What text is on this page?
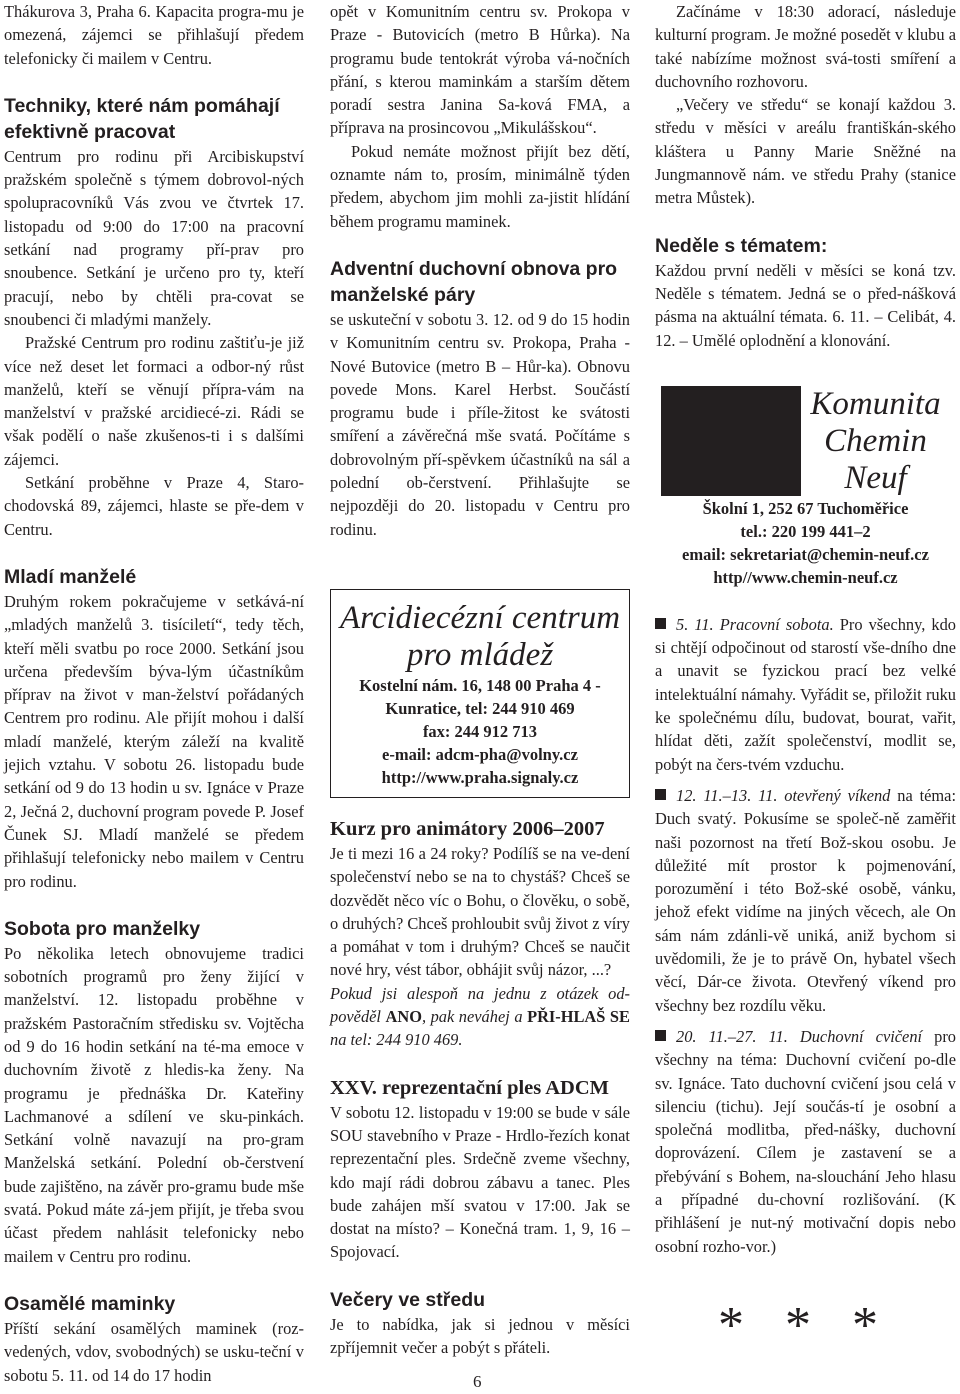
Thákurova 3, Praha 6. Kapacita progra-mu je omezená, zájemci se přihlašují předem telefonicky či mailem v Centru.

Techniky, které nám pomáhají efektivně pracovat

Centrum pro rodinu při Arcibiskupství pražském společně s týmem dobrovol-ných spolupracovníků Vás zvou ve čtvrtek 17. listopadu od 9:00 do 17:00 na pracovní setkání nad programy pří-prav pro snoubence. Setkání je určeno pro ty, kteří pracují, nebo by chtěli pra-covat se snoubenci či mladými manžely.

Pražské Centrum pro rodinu zaštiťu-je již více než deset let formaci a odbor-ný růst manželů, kteří se věnují přípra-vám na manželství v pražské arcidiecé-zi. Rádi se však podělí o naše zkušenos-ti i s dalšími zájemci.

Setkání proběhne v Praze 4, Staro-chodovská 89, zájemci, hlaste se pře-dem v Centru.

Mladí manželé

Druhým rokem pokračujeme v setkává-ní „mladých manželů 3. tisíciletí“, tedy těch, kteří měli svatbu po roce 2000. Setkání jsou určena především býva-lým účastníkům příprav na život v man-želství pořádaných Centrem pro rodinu. Ale přijít mohou i další mladí manželé, kterým záleží na kvalitě jejich vztahu. V sobotu 26. listopadu bude setkání od 9 do 13 hodin u sv. Ignáce v Praze 2, Ječná 2, duchovní program povede P. Josef Čunek SJ. Mladí manželé se předem přihlašují telefonicky nebo mailem v Centru pro rodinu.

Sobota pro manželky

Po několika letech obnovujeme tradici sobotních programů pro ženy žijící v manželství. 12. listopadu proběhne v pražském Pastoračním středisku sv. Vojtěcha od 9 do 16 hodin setkání na té-ma emoce v duchovním životě z hledis-ka ženy. Na programu je přednáška Dr. Kateřiny Lachmanové a sdílení ve sku-pinkách. Setkání volně navazují na pro-gram Manželská setkání. Polední ob-čerstvení bude zajištěno, na závěr pro-gramu bude mše svatá. Pokud máte zá-jem přijít, je třeba svou účast předem nahlásit telefonicky nebo mailem v Centru pro rodinu.

Osamělé maminky

Příští sekání osamělých maminek (roz-vedených, vdov, svobodných) se usku-teční v sobotu 5. 11. od 14 do 17 hodin

opět v Komunitním centru sv. Prokopa v Praze - Butovicích (metro B Hůrka). Na programu bude tentokrát výroba vá-nočních přání, s kterou maminkám a starším dětem poradí sestra Janina Sa-ková FMA, a příprava na prosincovou „Mikulášskou“.

Pokud nemáte možnost přijít bez dětí, oznamte nám to, prosím, minimálně týden předem, abychom jim mohli za-jistit hlídání během programu maminek.

Adventní duchovní obnova pro manželské páry

se uskuteční v sobotu 3. 12. od 9 do 15 hodin v Komunitním centru sv. Prokopa, Praha - Nové Butovice (metro B – Hůr-ka). Obnovu povede Mons. Karel Herbst. Součástí programu bude i příle-žitost ke svátosti smíření a závěrečná mše svatá. Počítáme s dobrovolným pří-spěvkem účastníků na sál a polední ob-čerstvení. Přihlašujte se nejpozději do 20. listopadu v Centru pro rodinu.

Arcidiecézní centrum pro mládež
Kostelní nám. 16, 148 00 Praha 4 -
Kunratice, tel: 244 910 469
fax: 244 912 713
e-mail: adcm-pha@volny.cz
http://www.praha.signaly.cz
Kurz pro animátory 2006–2007

Je ti mezi 16 a 24 roky? Podílíš se na ve-dení společenství nebo se na to chystáš? Chceš se dozvědět něco víc o Bohu, o člověku, o sobě, o druhých? Chceš prohloubit svůj život z víry a pomáhat v tom i druhým? Chceš se naučit nové hry, vést tábor, obhájit svůj názor, ...?

Pokud jsi alespoň na jednu z otázek od-pověděl ANO, pak neváhej a PŘI-HLAŠ SE na tel: 244 910 469.

XXV. reprezentační ples ADCM

V sobotu 12. listopadu v 19:00 se bude v sále SOU stavebního v Praze - Hrdlo-řezích konat reprezentační ples. Srdečně zveme všechny, kdo mají rádi dobrou zábavu a tanec. Ples bude zahájen mší svatou v 17:00. Jak se dostat na místo? – Konečná tram. 1, 9, 16 – Spojovací.

Večery ve středu

Je to nabídka, jak si jednou v měsíci zpříjemnit večer a pobýt s přáteli.

Začínáme v 18:30 adorací, následuje kulturní program. Je možné posedět v klubu a také nabízíme možnost svá-tosti smíření a duchovního rozhovoru.

„Večery ve středu“ se konají každou 3. středu v měsíci v areálu františkán-ského kláštera u Panny Marie Sněžné na Jungmannově nám. ve středu Prahy (stanice metra Můstek).

Neděle s tématem:

Každou první neděli v měsíci se koná tzv. Neděle s tématem. Jedná se o před-nášková pásma na aktuální témata. 6. 11. – Celibát, 4. 12. – Umělé oplodnění a klonování.

Komunita Chemin Neuf
Školní 1, 252 67 Tuchoměřice
tel.: 220 199 441–2
email: sekretariat@chemin-neuf.cz
http//www.chemin-neuf.cz

5. 11. Pracovní sobota. Pro všechny, kdo si chtějí odpočinout od starostí vše-dního dne a unavit se fyzickou prací bez velké intelektuální námahy. Vyřádit se, přiložit ruku ke společnému dílu, budovat, bourat, vařit, hlídat děti, zažít společenství, modlit se, pobýt na čers-tvém vzduchu.

12. 11.–13. 11. otevřený víkend na téma: Duch svatý. Pokusíme se společ-ně zaměřit naši pozornost na třetí Bož-skou osobu. Je důležité mít prostor k pojmenování, porozumění i této Bož-ské osobě, vánku, jehož efekt vidíme na jiných věcech, ale On sám nám zdánli-vě uniká, aniž bychom si uvědomili, že je to právě On, hybatel všech věcí, Dár-ce života. Otevřený víkend pro všechny bez rozdílu věku.

20. 11.–27. 11. Duchovní cvičení pro všechny na téma: Duchovní cvičení po-dle sv. Ignáce. Tato duchovní cvičení jsou celá v silenciu (tichu). Její součás-tí je osobní a společná modlitba, před-nášky, duchovní doprovázení. Cílem je zastavení se a přebývání s Bohem, na-slouchání Jeho hlasu a případné du-chovní rozlišování. (K přihlášení je nut-ný motivační dopis nebo osobní rozho-vor.)

* * *
6
